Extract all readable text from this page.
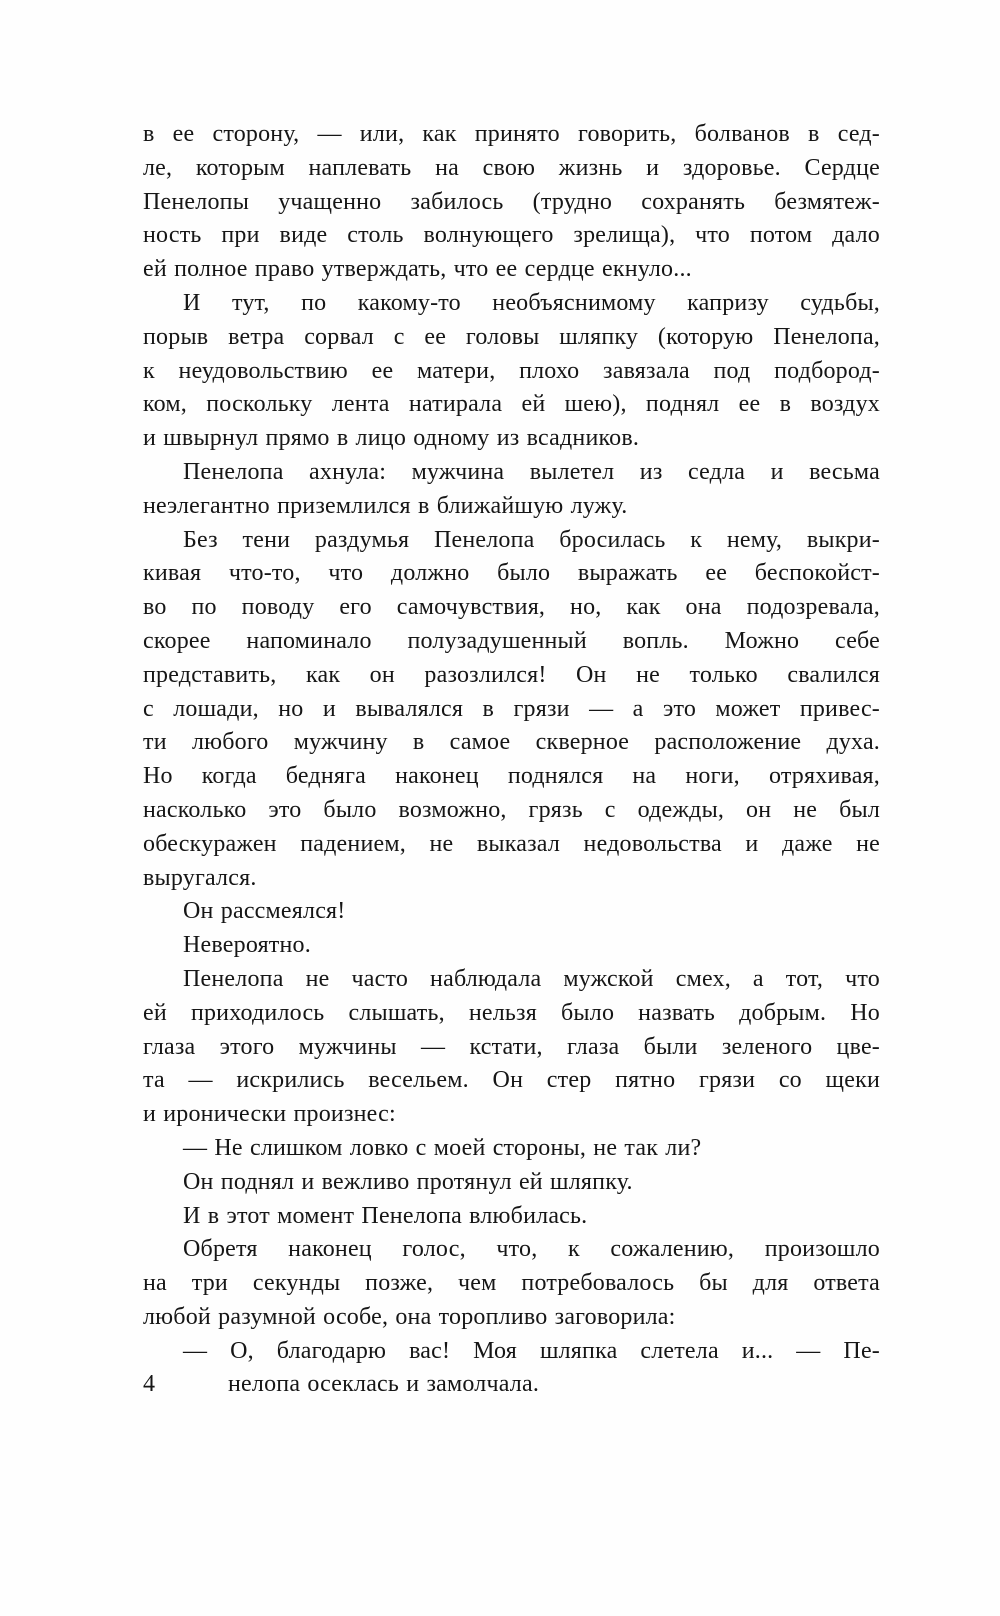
в ее сторону, — или, как принято говорить, болванов в сед-
ле, которым наплевать на свою жизнь и здоровье. Сердце
Пенелопы учащенно забилось (трудно сохранять безмятеж-
ность при виде столь волнующего зрелища), что потом дало
ей полное право утверждать, что ее сердце екнуло...
И тут, по какому-то необъяснимому капризу судьбы,
порыв ветра сорвал с ее головы шляпку (которую Пенелопа,
к неудовольствию ее матери, плохо завязала под подбород-
ком, поскольку лента натирала ей шею), поднял ее в воздух
и швырнул прямо в лицо одному из всадников.
Пенелопа ахнула: мужчина вылетел из седла и весьма
неэлегантно приземлился в ближайшую лужу.
Без тени раздумья Пенелопа бросилась к нему, выкри-
кивая что-то, что должно было выражать ее беспокойст-
во по поводу его самочувствия, но, как она подозревала,
скорее напоминало полузадушенный вопль. Можно себе
представить, как он разозлился! Он не только свалился
с лошади, но и вывалялся в грязи — а это может привес-
ти любого мужчину в самое скверное расположение духа.
Но когда бедняга наконец поднялся на ноги, отряхивая,
насколько это было возможно, грязь с одежды, он не был
обескуражен падением, не выказал недовольства и даже не
выругался.
Он рассмеялся!
Невероятно.
Пенелопа не часто наблюдала мужской смех, а тот, что
ей приходилось слышать, нельзя было назвать добрым. Но
глаза этого мужчины — кстати, глаза были зеленого цве-
та — искрились весельем. Он стер пятно грязи со щеки
и иронически произнес:
— Не слишком ловко с моей стороны, не так ли?
Он поднял и вежливо протянул ей шляпку.
И в этот момент Пенелопа влюбилась.
Обретя наконец голос, что, к сожалению, произошло
на три секунды позже, чем потребовалось бы для ответа
любой разумной особе, она торопливо заговорила:
— О, благодарю вас! Моя шляпка слетела и... — Пе-
4	нелопа осеклась и замолчала.
